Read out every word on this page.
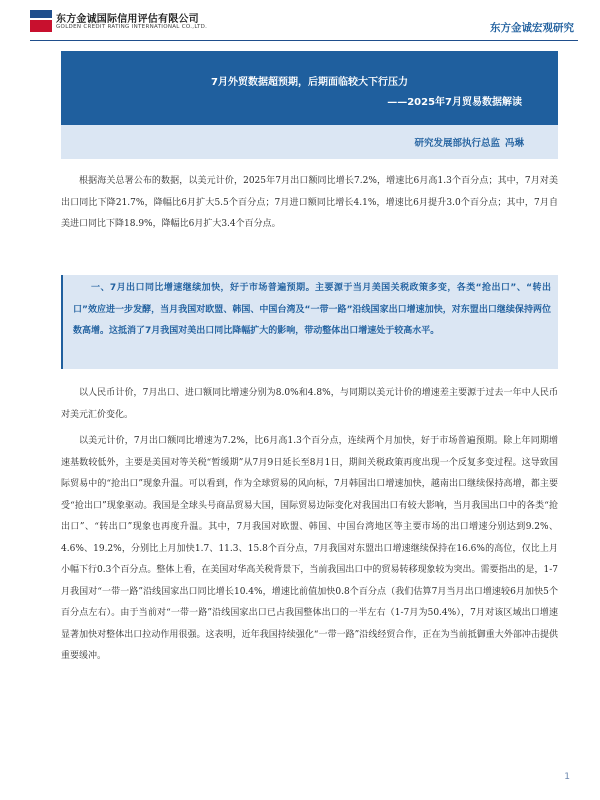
东方金诚国际信用评估有限公司
GOLDEN CREDIT RATING INTERNATIONAL CO.,LTD.	东方金诚宏观研究
7月外贸数据超预期，后期面临较大下行压力
——2025年7月贸易数据解读
研究发展部执行总监 冯琳

根据海关总署公布的数据，以美元计价，2025年7月出口额同比增长7.2%，增速比6月高1.3个百分点；其中，7月对美出口同比下降21.7%，降幅比6月扩大5.5个百分点；7月进口额同比增长4.1%，增速比6月提升3.0个百分点；其中，7月自美进口同比下降18.9%，降幅比6月扩大3.4个百分点。

一、7月出口同比增速继续加快，好于市场普遍预期。主要源于当月美国关税政策多变，各类“抢出口”、“转出口”效应进一步发酵，当月我国对欧盟、韩国、中国台湾及“一带一路”沿线国家出口增速加快，对东盟出口继续保持两位数高增。这抵消了7月我国对美出口同比降幅扩大的影响，带动整体出口增速处于较高水平。

以人民币计价，7月出口、进口额同比增速分别为8.0%和4.8%，与同期以美元计价的增速差主要源于过去一年中人民币对美元汇价变化。

以美元计价，7月出口额同比增速为7.2%，比6月高1.3个百分点，连续两个月加快，好于市场普遍预期。除上年同期增速基数较低外，主要是美国对等关税“暂缓期”从7月9日延长至8月1日，期间关税政策再度出现一个反复多变过程。这导致国际贸易中的“抢出口”现象升温。可以看到，作为全球贸易的风向标，7月韩国出口增速加快，越南出口继续保持高增，都主要受“抢出口”现象驱动。我国是全球头号商品贸易大国，国际贸易边际变化对我国出口有较大影响，当月我国出口中的各类“抢出口”、“转出口”现象也再度升温。其中，7月我国对欧盟、韩国、中国台湾地区等主要市场的出口增速分别达到9.2%、4.6%、19.2%，分别比上月加快1.7、11.3、15.8个百分点，7月我国对东盟出口增速继续保持在16.6%的高位，仅比上月小幅下行0.3个百分点。整体上看，在美国对华高关税背景下，当前我国出口中的贸易转移现象较为突出。需要指出的是，1-7月我国对“一带一路”沿线国家出口同比增长10.4%，增速比前值加快0.8个百分点（我们估算7月当月出口增速较6月加快5个百分点左右）。由于当前对“一带一路”沿线国家出口已占我国整体出口的一半左右（1-7月为50.4%），7月对该区域出口增速显著加快对整体出口拉动作用很强。这表明，近年我国持续强化“一带一路”沿线经贸合作，正在为当前抵御重大外部冲击提供重要缓冲。

1
